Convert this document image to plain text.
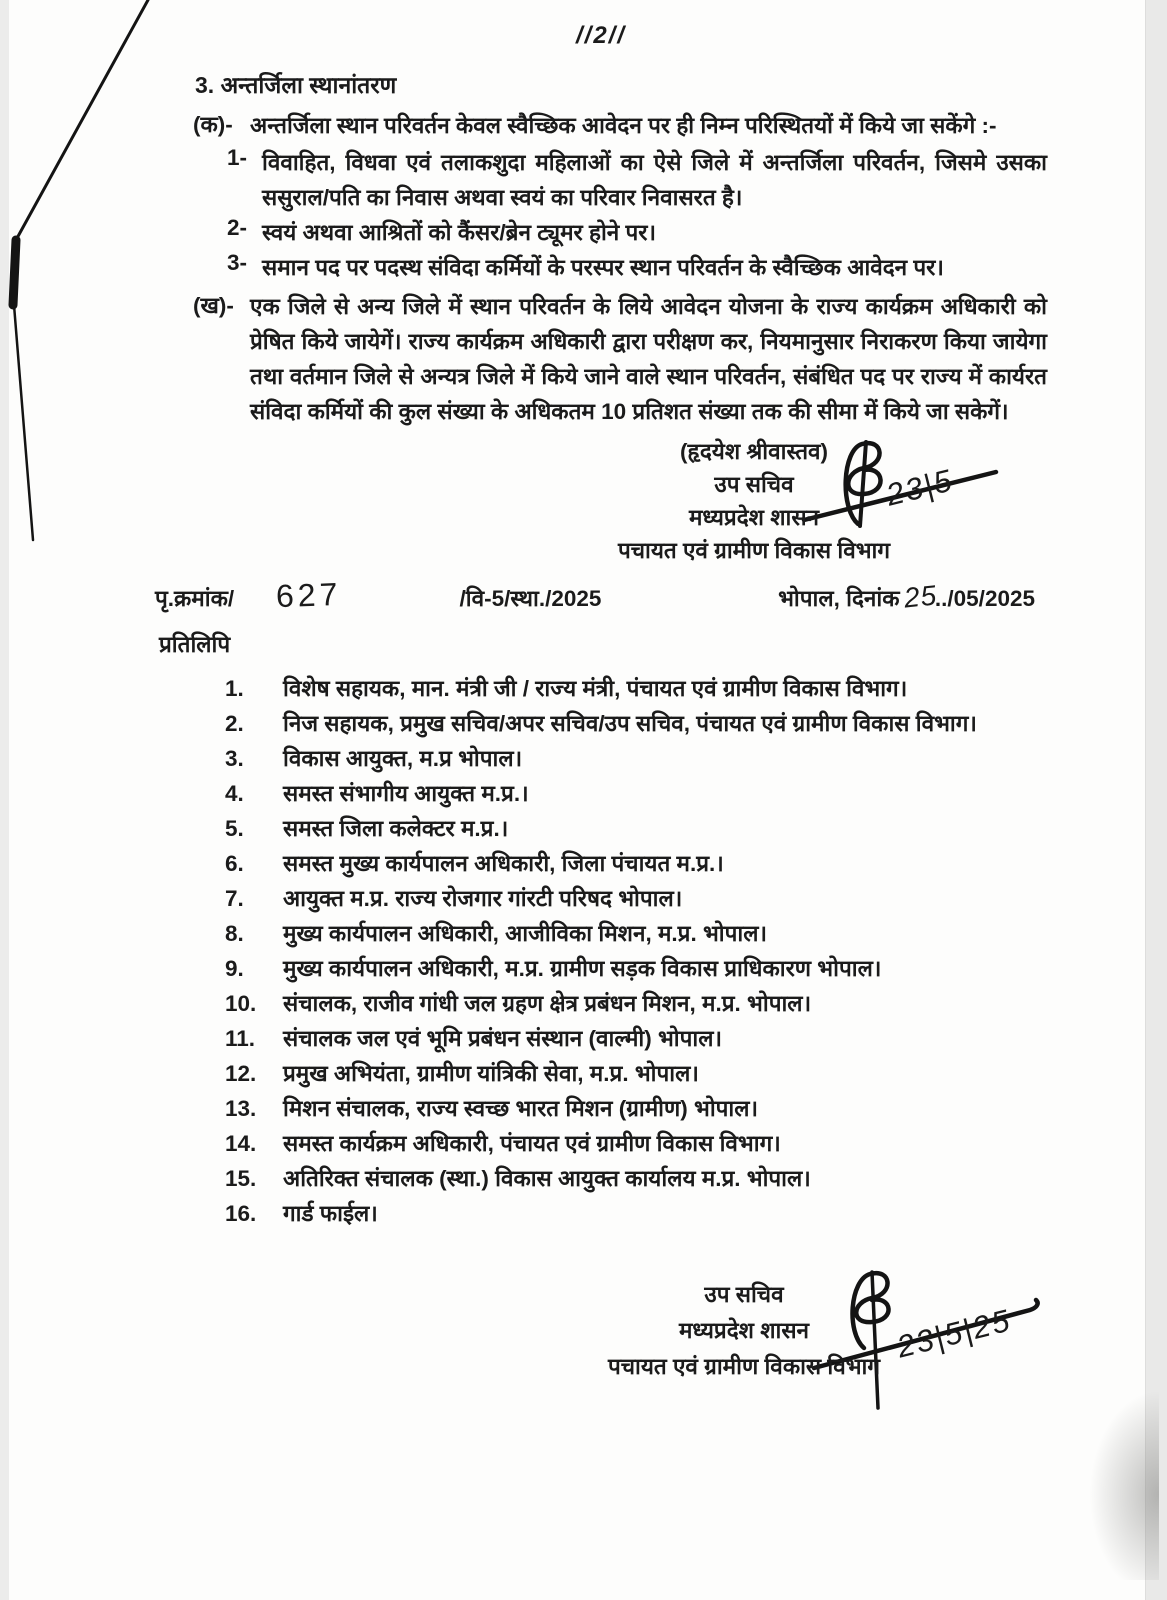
23|5
23|5|25
//2//
3. अन्तर्जिला स्थानांतरण
(क)- अन्तर्जिला स्थान परिवर्तन केवल स्वैच्छिक आवेदन पर ही निम्न परिस्थितयों में किये जा सकेंगे :-
1- विवाहित, विधवा एवं तलाकशुदा महिलाओं का ऐसे जिले में अन्तर्जिला परिवर्तन, जिसमे उसका ससुराल/पति का निवास अथवा स्वयं का परिवार निवासरत है।
2- स्वयं अथवा आश्रितों को कैंसर/ब्रेन ट्यूमर होने पर।
3- समान पद पर पदस्थ संविदा कर्मियों के परस्पर स्थान परिवर्तन के स्वैच्छिक आवेदन पर।
(ख)- एक जिले से अन्य जिले में स्थान परिवर्तन के लिये आवेदन योजना के राज्य कार्यक्रम अधिकारी को प्रेषित किये जायेगें। राज्य कार्यक्रम अधिकारी द्वारा परीक्षण कर, नियमानुसार निराकरण किया जायेगा तथा वर्तमान जिले से अन्यत्र जिले में किये जाने वाले स्थान परिवर्तन, संबंधित पद पर राज्य में कार्यरत संविदा कर्मियों की कुल संख्या के अधिकतम 10 प्रतिशत संख्या तक की सीमा में किये जा सकेगें।
(हृदयेश श्रीवास्तव)
उप सचिव
मध्यप्रदेश शासन
पचायत एवं ग्रामीण विकास विभाग
पृ.क्रमांक/ 627	/वि-5/स्था./2025	भोपाल, दिनांक 25../05/2025
प्रतिलिपि
1.	विशेष सहायक, मान. मंत्री जी / राज्य मंत्री, पंचायत एवं ग्रामीण विकास विभाग।
2.	निज सहायक, प्रमुख सचिव/अपर सचिव/उप सचिव, पंचायत एवं ग्रामीण विकास विभाग।
3.	विकास आयुक्त, म.प्र भोपाल।
4.	समस्त संभागीय आयुक्त म.प्र.।
5.	समस्त जिला कलेक्टर म.प्र.।
6.	समस्त मुख्य कार्यपालन अधिकारी, जिला पंचायत म.प्र.।
7.	आयुक्त म.प्र. राज्य रोजगार गांरटी परिषद भोपाल।
8.	मुख्य कार्यपालन अधिकारी, आजीविका मिशन, म.प्र. भोपाल।
9.	मुख्य कार्यपालन अधिकारी, म.प्र. ग्रामीण सड़क विकास प्राधिकारण भोपाल।
10.	संचालक, राजीव गांधी जल ग्रहण क्षेत्र प्रबंधन मिशन, म.प्र. भोपाल।
11.	संचालक जल एवं भूमि प्रबंधन संस्थान (वाल्मी) भोपाल।
12.	प्रमुख अभियंता, ग्रामीण यांत्रिकी सेवा, म.प्र. भोपाल।
13.	मिशन संचालक, राज्य स्वच्छ भारत मिशन (ग्रामीण) भोपाल।
14.	समस्त कार्यक्रम अधिकारी, पंचायत एवं ग्रामीण विकास विभाग।
15.	अतिरिक्त संचालक (स्था.) विकास आयुक्त कार्यालय म.प्र. भोपाल।
16.	गार्ड फाईल।
उप सचिव
मध्यप्रदेश शासन
पचायत एवं ग्रामीण विकास विभाग
